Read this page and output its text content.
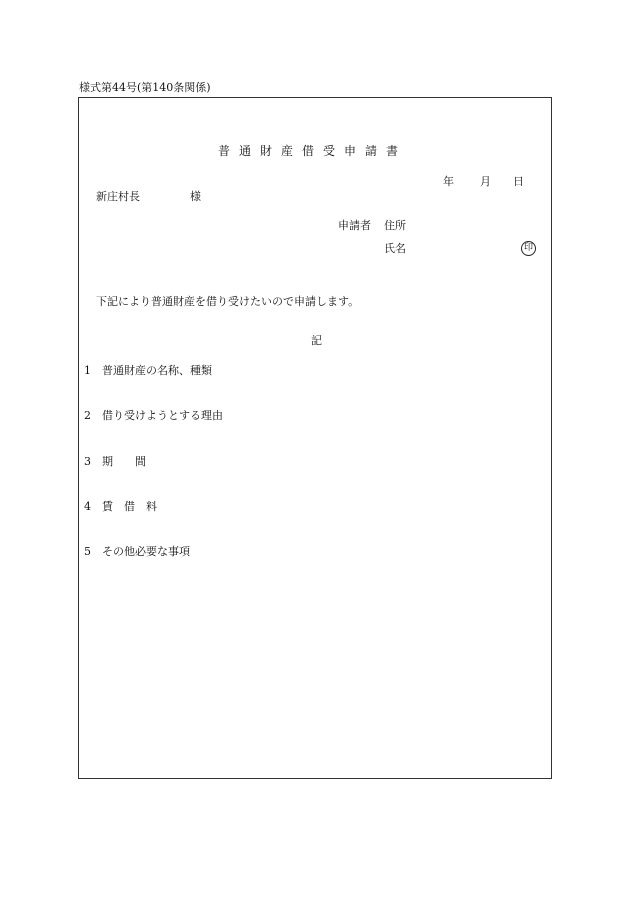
様式第44号(第140条関係)
普通財産借受申請書
年 月 日
新庄村長	様
申請者 住所
氏名	印
下記により普通財産を借り受けたいので申請します。
記
1 普通財産の名称、種類
2 借り受けようとする理由
3 期　　間
4 賃　借　料
5 その他必要な事項
